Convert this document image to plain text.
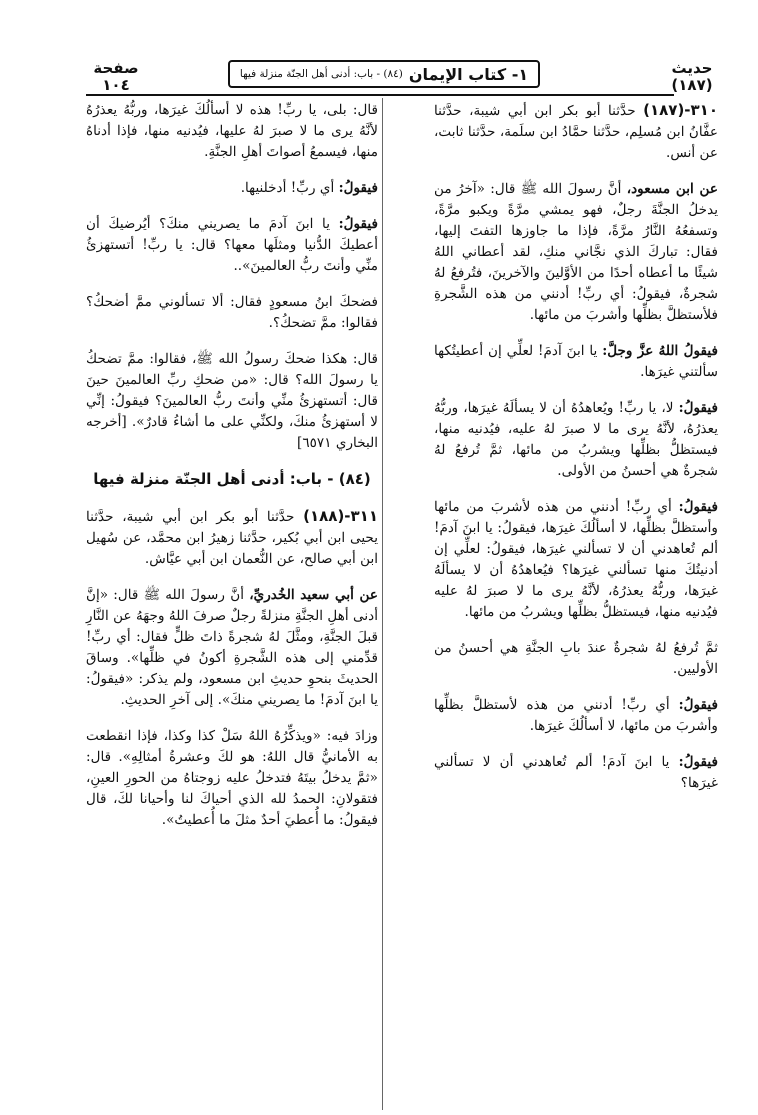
حديث
(١٨٧)
١- كتاب الإيمان
(٨٤) - باب: أدنى أهل الجنّة منزلة فيها
صفحة
١٠٤

٣١٠-(١٨٧) حدَّثنا أبو بكر ابن أبي شيبة، حدَّثنا عفَّانُ ابن مُسلِم، حدَّثنا حمَّادُ ابن سلَمة، حدَّثنا ثابت، عن أنس.

عن ابن مسعود، أنَّ رسولَ الله ﷺ قال: «آخرُ من يدخلُ الجنَّةَ رجلٌ، فهو يمشي مرَّةً ويكبو مرَّةً، وتسفعُهُ النَّارُ مرَّةً، فإذا ما جاوزها التفتَ إليها، فقال: تباركَ الذي نجَّاني منكِ، لقد أعطاني اللهُ شيئًا ما أعطاه أحدًا من الأوَّلينَ والآخرينَ، فتُرفعُ لهُ شجرةٌ، فيقولُ: أي ربِّ! أدنني من هذه الشَّجرةِ فلأستظلَّ بظلِّها وأشربَ من مائها.

فيقولُ اللهُ عزَّ وجلَّ: يا ابنَ آدمَ! لعلِّي إن أعطيتُكها سألتني غيرَها.

فيقولُ: لا، يا ربِّ! ويُعاهدُهُ أن لا يسألَهُ غيرَها، وربُّهُ يعذرُهُ، لأنَّهُ يرى ما لا صبرَ لهُ عليه، فيُدنيه منها، فيستظلُّ بظلِّها ويشربُ من مائها، ثمَّ تُرفعُ لهُ شجرةٌ هي أحسنُ من الأولى.

فيقولُ: أي ربِّ! أدنني من هذه لأشربَ من مائها وأستظلَّ بظلِّها، لا أسألُكَ غيرَها، فيقولُ: يا ابنَ آدمَ! ألم تُعاهدني أن لا تسألني غيرَها، فيقولُ: لعلِّي إن أدنيتُكَ منها تسألني غيرَها؟ فيُعاهدُهُ أن لا يسألَهُ غيرَها، وربُّهُ يعذرُهُ، لأنَّهُ يرى ما لا صبرَ لهُ عليه فيُدنيه منها، فيستظلُّ بظلِّها ويشربُ من مائها.

ثمَّ تُرفعُ لهُ شجرةٌ عندَ بابِ الجنَّةِ هي أحسنُ من الأوليين.

فيقولُ: أي ربِّ! أدنني من هذه لأستظلَّ بظلِّها وأشربَ من مائها، لا أسألُكَ غيرَها.

فيقولُ: يا ابنَ آدمَ! ألم تُعاهدني أن لا تسألني غيرَها؟

قال: بلى، يا ربِّ! هذه لا أسألُكَ غيرَها، وربُّهُ يعذرُهُ لأنَّهُ يرى ما لا صبرَ لهُ عليها، فيُدنيه منها، فإذا أدناهُ منها، فيسمعُ أصواتَ أهلِ الجنَّةِ.

فيقولُ: أي ربِّ! أدخلنيها.

فيقولُ: يا ابنَ آدمَ ما يصريني منكَ؟ أيُرضيكَ أن أعطيكَ الدُّنيا ومثلَها معها؟ قال: يا ربِّ! أتستهزئُ منِّي وأنتَ ربُّ العالمينَ»..

فضحكَ ابنُ مسعودٍ فقال: ألا تسألوني ممَّ أضحكُ؟ فقالوا: ممَّ تضحكُ؟.

قال: هكذا ضحكَ رسولُ الله ﷺ، فقالوا: ممَّ تضحكُ يا رسولَ الله؟ قال: «من ضحكِ ربِّ العالمينَ حينَ قال: أتستهزئُ منِّي وأنتَ ربُّ العالمينَ؟ فيقولُ: إنِّي لا أستهزئُ منكَ، ولكنِّي على ما أشاءُ قادرٌ». [أخرجه البخاري ٦٥٧١]

(٨٤) - باب: أدنى أهل الجنّة منزلة فيها

٣١١-(١٨٨) حدَّثنا أبو بكر ابن أبي شيبة، حدَّثنا يحيى ابن أبي بُكير، حدَّثنا زهيرُ ابن محمَّد، عن سُهيل ابن أبي صالح، عن النُّعمان ابن أبي عيَّاش.

عن أبي سعيد الخُدريِّ، أنَّ رسولَ الله ﷺ قال: «إنَّ أدنى أهلِ الجنَّةِ منزلةً رجلٌ صرفَ اللهُ وجهَهُ عن النَّارِ قبلَ الجنَّةِ، ومثَّلَ لهُ شجرةً ذاتَ ظلٍّ فقال: أي ربِّ! قدِّمني إلى هذه الشَّجرةِ أكونُ في ظلِّها». وساقَ الحديثَ بنحوِ حديثِ ابن مسعود، ولم يذكر: «فيقولُ: يا ابنَ آدمَ! ما يصريني منكَ». إلى آخرِ الحديثِ.

وزادَ فيه: «ويذكِّرُهُ اللهُ سَلْ كذا وكذا، فإذا انقطعت به الأمانيُّ قال اللهُ: هو لكَ وعشرةُ أمثالِهِ». قال: «ثمَّ يدخلُ بيتَهُ فتدخلُ عليه زوجتاهُ من الحورِ العينِ، فتقولانِ: الحمدُ لله الذي أحياكَ لنا وأحيانا لكَ، قال فيقولُ: ما أُعطيَ أحدٌ مثلَ ما أُعطيتُ».
